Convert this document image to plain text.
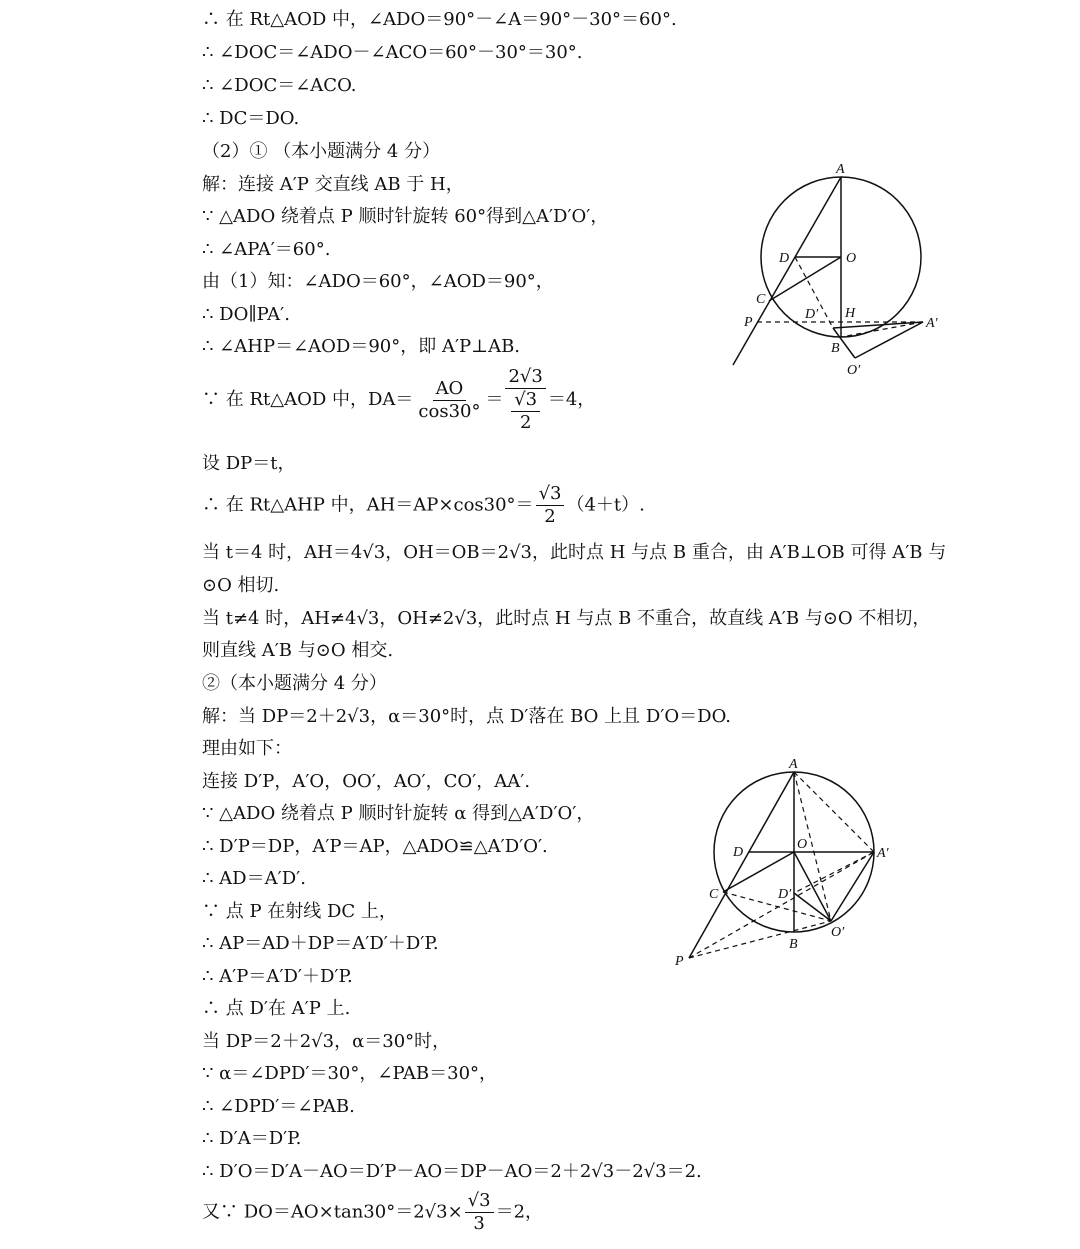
∴ 在 Rt△AOD 中，∠ADO＝90°－∠A＝90°－30°＝60°.
∴ ∠DOC＝∠ADO－∠ACO＝60°－30°＝30°.
∴ ∠DOC＝∠ACO.
∴ DC＝DO.
（2）① （本小题满分 4 分）
解：连接 A′P 交直线 AB 于 H，
∵ △ADO 绕着点 P 顺时针旋转 60°得到△A′D′O′，
∴ ∠APA′＝60°.
由（1）知：∠ADO＝60°，∠AOD＝90°，
∴ DO∥PA′.
∴ ∠AHP＝∠AOD＝90°，即 A′P⊥AB.
∵ 在 Rt△AOD 中，$DA= \frac{AO}{\cos 30^\circ} = 2√3$
√3
2 ＝4，
设 DP＝t，
∴ 在 Rt△AHP 中，$AH=AP\times\cos 30^\circ= \frac{√3}{2} (4+t)$.
当 t＝4 时，AH＝4√3，OH＝OB＝2√3，此时点 H 与点 B 重合，由 A′B⊥OB 可得 A′B 与
⊙O 相切.
当 t≠4 时，AH≠4√3，OH≠2√3，此时点 H 与点 B 不重合，故直线 A′B 与⊙O 不相切，
则直线 A′B 与⊙O 相交.
②（本小题满分 4 分）
解：当 DP＝2＋2√3，α＝30°时，点 D′落在 BO 上且 D′O＝DO.
理由如下：
连接 D′P，A′O，OO′，AO′，CO′，AA′.
∵ △ADO 绕着点 P 顺时针旋转 α 得到△A′D′O′，
∴ D′P＝DP，A′P＝AP，△ADO≌△A′D′O′.
∴ AD＝A′D′.
∵ 点 P 在射线 DC 上，
∴ AP＝AD＋DP＝A′D′＋D′P.
∴ A′P＝A′D′＋D′P.
∴ 点 D′在 A′P 上.
当 DP＝2＋2√3，α＝30°时，
∵ α＝∠DPD′＝30°，∠PAB＝30°，
∴ ∠DPD′＝∠PAB.
∴ D′A＝D′P.
∴ D′O＝D′A－AO＝D′P－AO＝DP－AO＝2＋2√3－2√3＝2.
又∵ $DO=AO\times\tan 30^\circ=2√3\times \frac{√3}{3} =2$，
A
D	O
C
P
D′ H
A′
B
O′
A
D
O
A′
C	D′
O′
B
P
